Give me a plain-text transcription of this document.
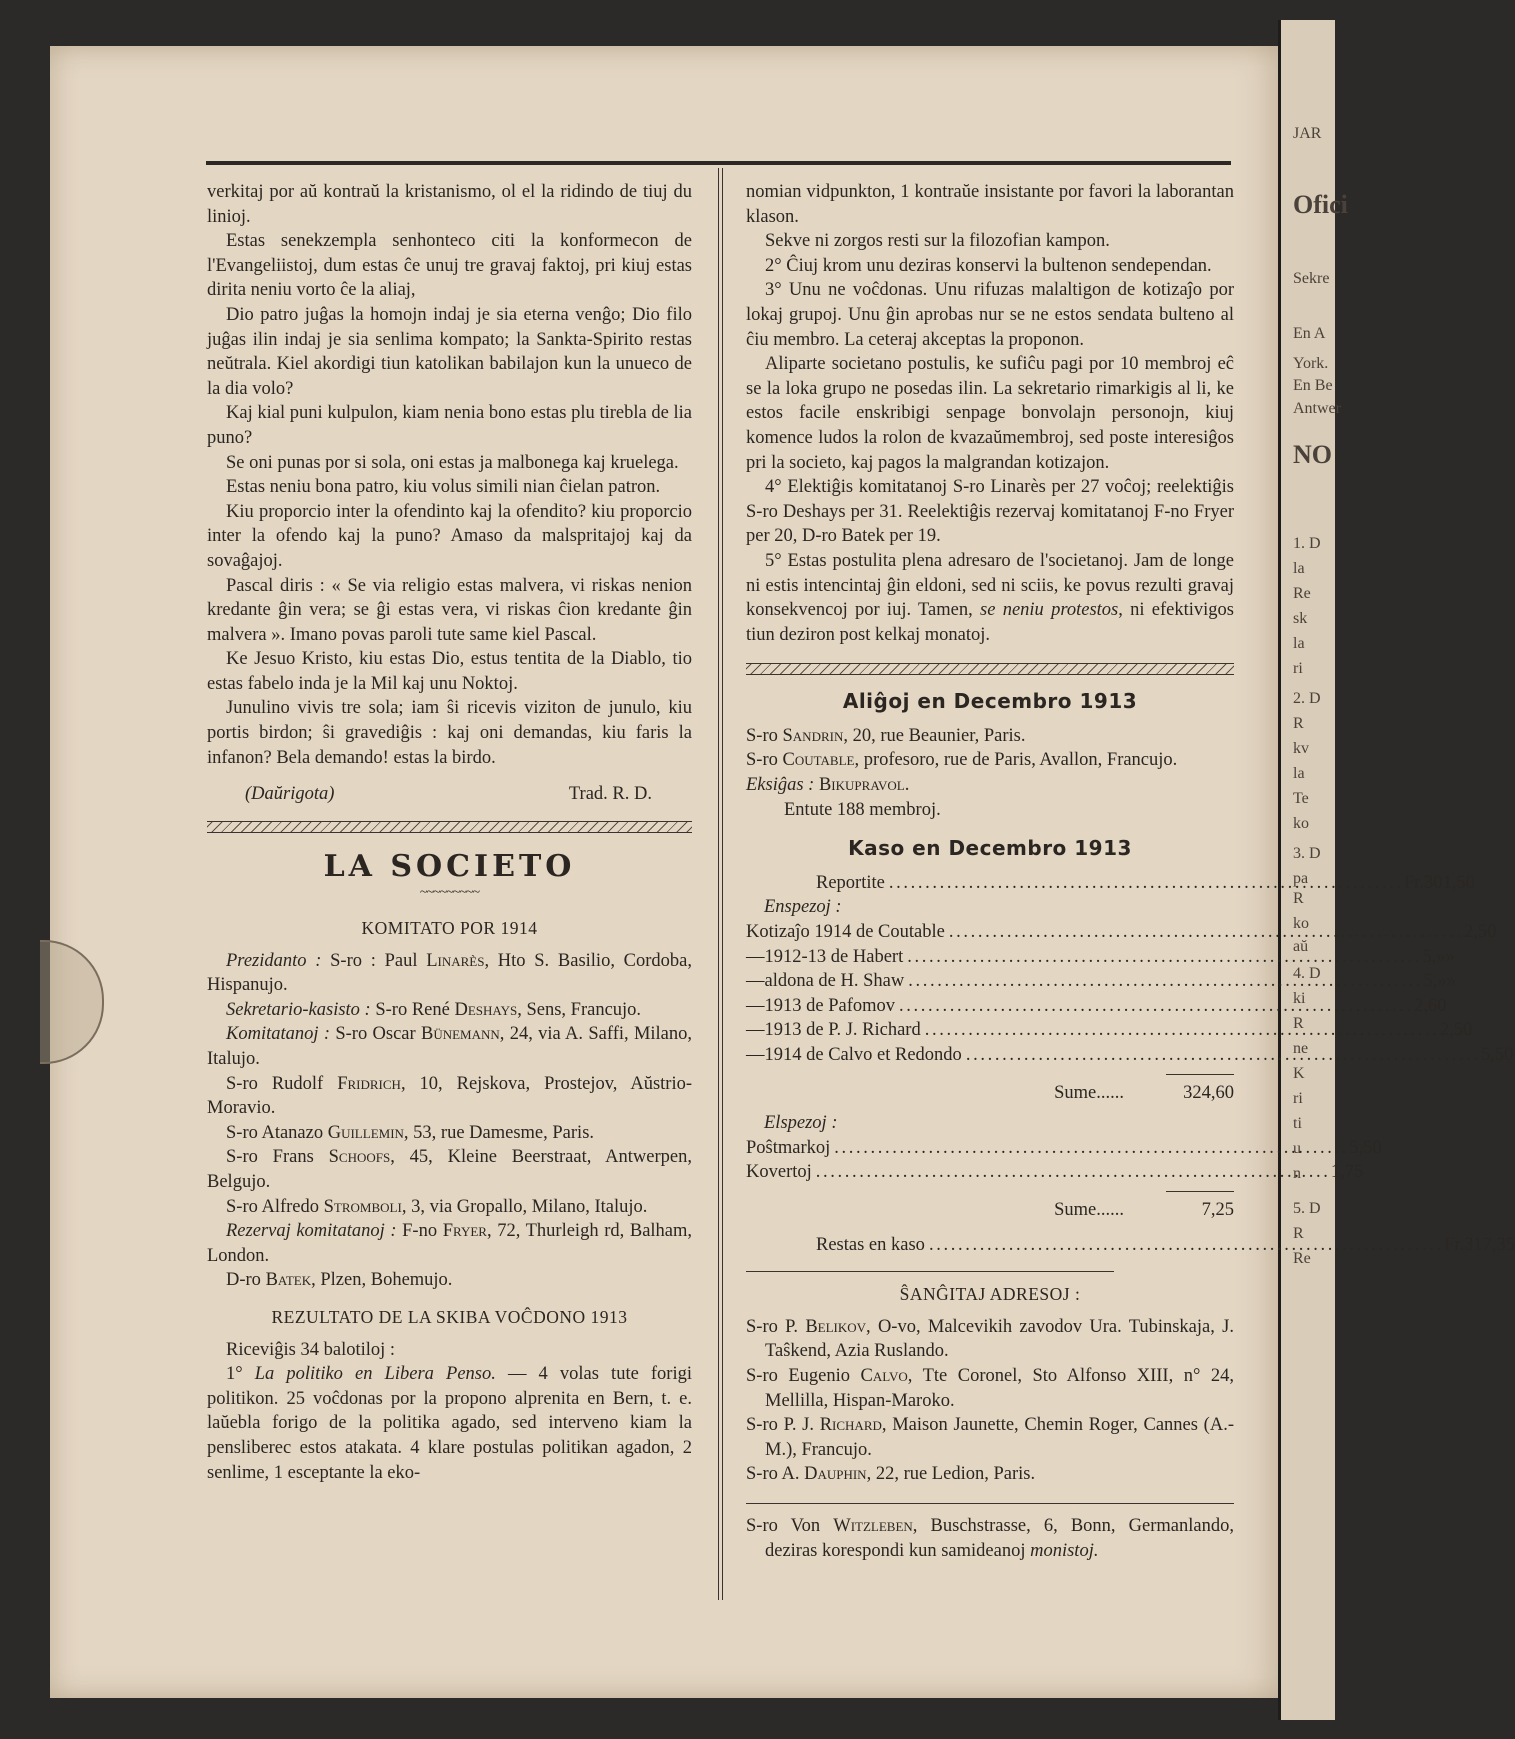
JAR
Ofici
Sekre
En A
York.
En Be
Antwer
NO
1. D
la
Re
sk
la
ri
2. D
R
kv
la
Te
ko
3. D
pa
R
ko
aŭ
4. D
ki
R
ne
K
ri
ti
u
n
5. D
R
Re

verkitaj por aŭ kontraŭ la kristanismo, ol el la ridindo de tiuj du linioj.

Estas senekzempla senhonteco citi la konformecon de l'Evangeliistoj, dum estas ĉe unuj tre gravaj faktoj, pri kiuj estas dirita neniu vorto ĉe la aliaj,

Dio patro juĝas la homojn indaj je sia eterna venĝo; Dio filo juĝas ilin indaj je sia senlima kompato; la Sankta-Spirito restas neŭtrala. Kiel akordigi tiun katolikan babilajon kun la unueco de la dia volo?

Kaj kial puni kulpulon, kiam nenia bono estas plu tirebla de lia puno?

Se oni punas por si sola, oni estas ja malbonega kaj kruelega.

Estas neniu bona patro, kiu volus simili nian ĉielan patron.

Kiu proporcio inter la ofendinto kaj la ofendito? kiu proporcio inter la ofendo kaj la puno? Amaso da malspritajoj kaj da sovaĝajoj.

Pascal diris : « Se via religio estas malvera, vi riskas nenion kredante ĝin vera; se ĝi estas vera, vi riskas ĉion kredante ĝin malvera ». Imano povas paroli tute same kiel Pascal.

Ke Jesuo Kristo, kiu estas Dio, estus tentita de la Diablo, tio estas fabelo inda je la Mil kaj unu Noktoj.

Junulino vivis tre sola; iam ŝi ricevis viziton de junulo, kiu portis birdon; ŝi gravediĝis : kaj oni demandas, kiu faris la infanon? Bela demando! estas la birdo.

(Daŭrigota)	Trad. R. D.
LA SOCIETO
~~~~~~~~~

KOMITATO POR 1914

Prezidanto : S-ro : Paul Linarès, Hto S. Basilio, Cordoba, Hispanujo.

Sekretario-kasisto : S-ro René Deshays, Sens, Francujo.

Komitatanoj : S-ro Oscar Bünemann, 24, via A. Saffi, Milano, Italujo.

S-ro Rudolf Fridrich, 10, Rejskova, Prostejov, Aŭstrio-Moravio.

S-ro Atanazo Guillemin, 53, rue Damesme, Paris.

S-ro Frans Schoofs, 45, Kleine Beerstraat, Antwerpen, Belgujo.

S-ro Alfredo Stromboli, 3, via Gropallo, Milano, Italujo.

Rezervaj komitatanoj : F-no Fryer, 72, Thurleigh rd, Balham, London.

D-ro Batek, Plzen, Bohemujo.

REZULTATO DE LA SKIBA VOĈDONO 1913

Riceviĝis 34 balotiloj :

1° La politiko en Libera Penso. — 4 volas tute forigi politikon. 25 voĉdonas por la propono alprenita en Bern, t. e. laŭebla forigo de la politika agado, sed interveno kiam la pensliberec estos atakata. 4 klare postulas politikan agadon, 2 senlime, 1 esceptante la eko-

nomian vidpunkton, 1 kontraŭe insistante por favori la laborantan klason.

Sekve ni zorgos resti sur la filozofian kampon.

2° Ĉiuj krom unu deziras konservi la bultenon sendependan.

3° Unu ne voĉdonas. Unu rifuzas malaltigon de kotizaĵo por lokaj grupoj. Unu ĝin aprobas nur se ne estos sendata bulteno al ĉiu membro. La ceteraj akceptas la proponon.

Aliparte societano postulis, ke sufiĉu pagi por 10 membroj eĉ se la loka grupo ne posedas ilin. La sekretario rimarkigis al li, ke estos facile enskribigi senpage bonvolajn personojn, kiuj komence ludos la rolon de kvazaŭmembroj, sed poste interesiĝos pri la societo, kaj pagos la malgrandan kotizajon.

4° Elektiĝis komitatanoj S-ro Linarès per 27 voĉoj; reelektiĝis S-ro Deshays per 31. Reelektiĝis rezervaj komitatanoj F-no Fryer per 20, D-ro Batek per 19.

5° Estas postulita plena adresaro de l'societanoj. Jam de longe ni estis intencintaj ĝin eldoni, sed ni sciis, ke povus rezulti gravaj konsekvencoj por iuj. Tamen, se neniu protestos, ni efektivigos tiun deziron post kelkaj monatoj.

Aliĝoj en Decembro 1913

S-ro Sandrin, 20, rue Beaunier, Paris.

S-ro Coutable, profesoro, rue de Paris, Avallon, Francujo.

Eksiĝas : Bikupravol.

Entute 188 membroj.

Kaso en Decembro 1913
Reportite . . .	Fr. 301,50
Enspezoj :
Kotizaĵo 1914 de Coutable . . .	2,50
— 1912-13 de Habert . . .	5,»»
— aldona de H. Shaw . . .	5,»»
— 1913 de Pafomov . . .	2,60
— 1913 de P. J. Richard . . .	2,50
— 1914 de Calvo et Redondo . . .	5,50
Sume......	324,60
Elspezoj :
Poŝtmarkoj . . .	5,50
Kovertoj . . .	1,75
Sume......	7,25
Restas en kaso . . .	Fr. 317,35

ŜANĜITAJ ADRESOJ :

S-ro P. Belikov, O-vo, Malcevikih zavodov Ura. Tubinskaja, J. Taŝkend, Azia Ruslando.

S-ro Eugenio Calvo, Tte Coronel, Sto Alfonso XIII, n° 24, Mellilla, Hispan-Maroko.

S-ro P. J. Richard, Maison Jaunette, Chemin Roger, Cannes (A.-M.), Francujo.

S-ro A. Dauphin, 22, rue Ledion, Paris.

S-ro Von Witzleben, Buschstrasse, 6, Bonn, Germanlando, deziras korespondi kun samideanoj monistoj.
